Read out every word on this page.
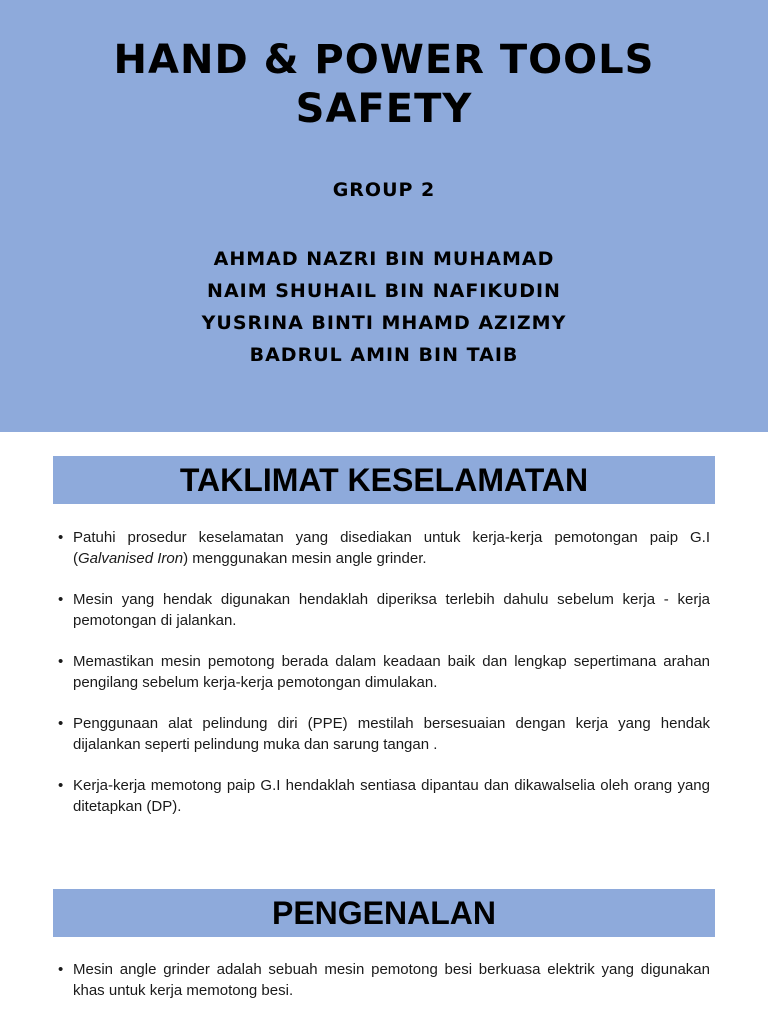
HAND & POWER TOOLS
SAFETY
GROUP 2
AHMAD NAZRI BIN MUHAMAD
NAIM SHUHAIL BIN NAFIKUDIN
YUSRINA BINTI MHAMD AZIZMY
BADRUL AMIN BIN TAIB
TAKLIMAT KESELAMATAN
• Patuhi prosedur keselamatan yang disediakan untuk kerja-kerja pemotongan paip G.I (Galvanised Iron) menggunakan mesin angle grinder.
• Mesin yang hendak digunakan hendaklah diperiksa terlebih dahulu sebelum kerja - kerja pemotongan di jalankan.
• Memastikan mesin pemotong berada dalam keadaan baik dan lengkap sepertimana arahan pengilang sebelum kerja-kerja pemotongan dimulakan.
• Penggunaan alat pelindung diri (PPE) mestilah bersesuaian dengan kerja yang hendak dijalankan seperti pelindung muka dan sarung tangan .
• Kerja-kerja memotong paip G.I hendaklah sentiasa dipantau dan dikawalselia oleh orang yang ditetapkan (DP).
PENGENALAN
• Mesin angle grinder adalah sebuah mesin pemotong besi berkuasa elektrik yang digunakan khas untuk kerja memotong besi.
